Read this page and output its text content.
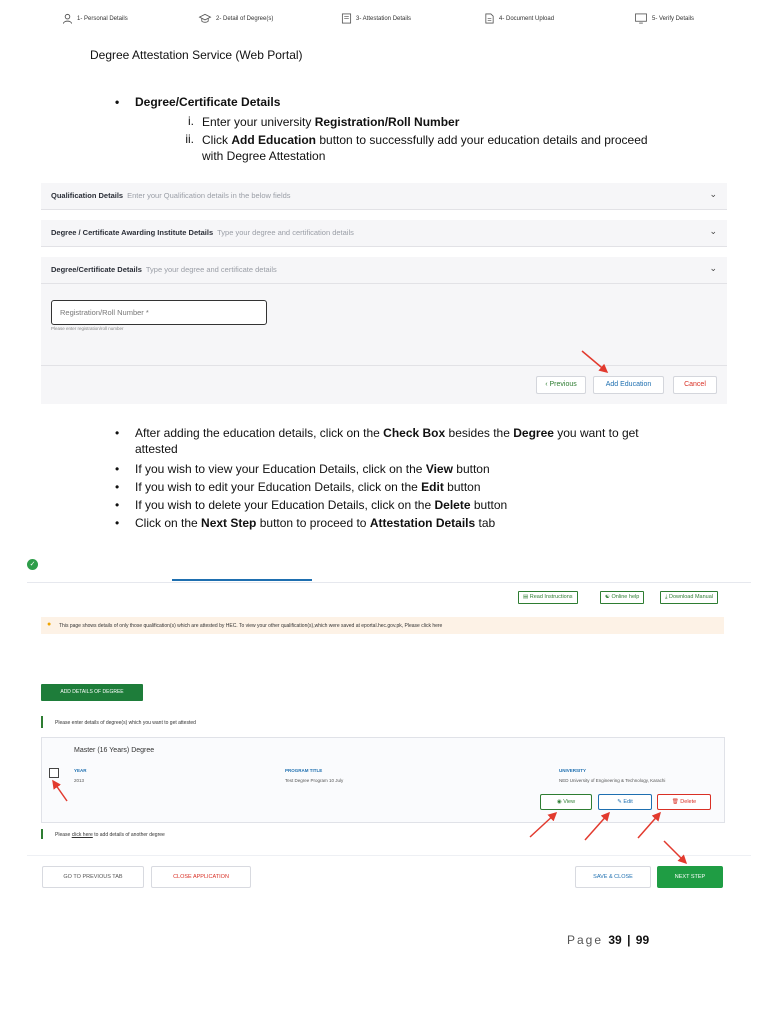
Degree Attestation Service (Web Portal)
• Degree/Certificate Details
i. Enter your university Registration/Roll Number
ii. Click Add Education button to successfully add your education details and proceed with Degree Attestation
Qualification Details Enter your Qualification details in the below fields	⌄
Degree / Certificate Awarding Institute Details Type your degree and certification details	⌄
Degree/Certificate Details Type your degree and certificate details	⌄
Registration/Roll Number *
Please enter registration/roll number
‹ Previous	Add Education	Cancel
• After adding the education details, click on the Check Box besides the Degree you want to get attested
• If you wish to view your Education Details, click on the View button
• If you wish to edit your Education Details, click on the Edit button
• If you wish to delete your Education Details, click on the Delete button
• Click on the Next Step button to proceed to Attestation Details tab
✓
1- Personal Details	2- Detail of Degree(s)	3- Attestation Details	4- Document Upload	5- Verify Details
▤ Read Instructions	☯ Online help	⤓ Download Manual
● This page shows details of only those qualification(s) which are attested by HEC. To view your other qualification(s),which were saved at eportal.hec.gov.pk, Please click here
ADD DETAILS OF DEGREE
Please enter details of degree(s) which you want to get attested
Master (16 Years) Degree
YEAR
2013
PROGRAM TITLE
Test Degree Program 10 July
UNIVERSITY
NED University of Engineering & Technology, Karachi
◉ View	✎ Edit	🗑 Delete
Please click here to add details of another degree
GO TO PREVIOUS TAB	CLOSE APPLICATION	SAVE & CLOSE	NEXT STEP
Page 39 | 99
